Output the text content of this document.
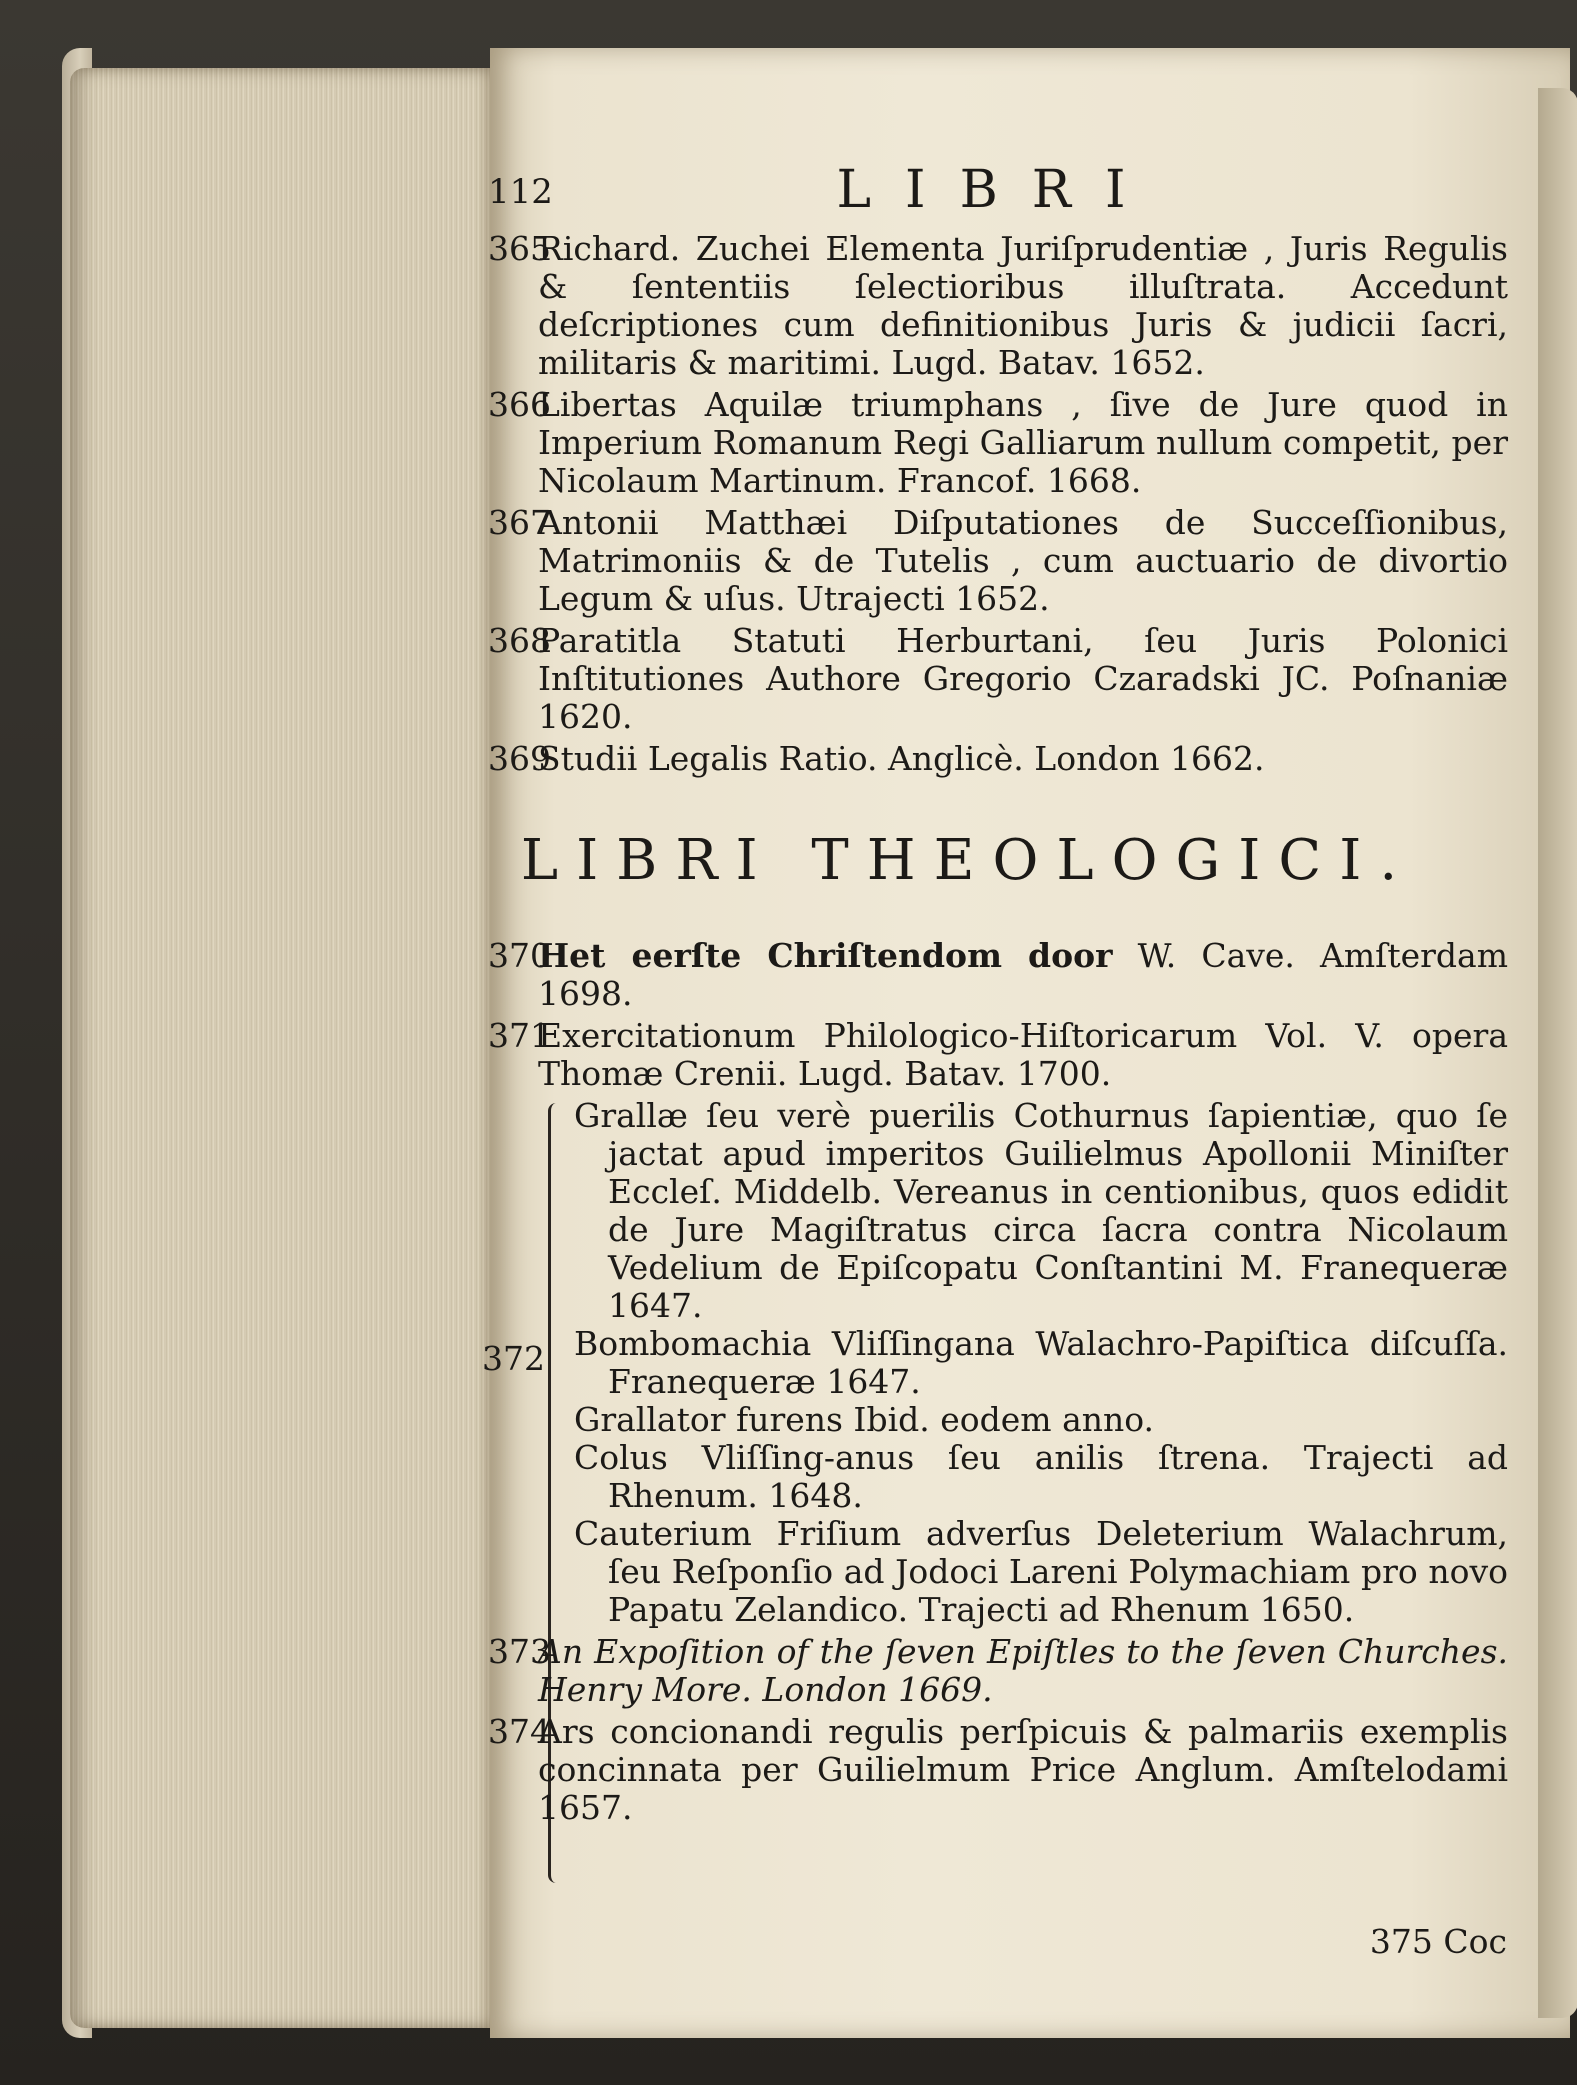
112	LIBRI
365Richard. Zuchei Elementa Juriſprudentiæ , Juris Regulis & ſententiis ſelectioribus illuſtrata. Accedunt deſcriptiones cum definitionibus Juris & judicii ſacri, militaris & maritimi. Lugd. Batav. 1652.
366Libertas Aquilæ triumphans , ſive de Jure quod in Imperium Romanum Regi Galliarum nullum competit, per Nicolaum Martinum. Francof. 1668.
367Antonii Matthæi Diſputationes de Succeſſionibus, Matrimoniis & de Tutelis , cum auctuario de divortio Legum & uſus. Utrajecti 1652.
368Paratitla Statuti Herburtani, ſeu Juris Polonici Inſtitutiones Authore Gregorio Czaradski JC. Poſnaniæ 1620.
369Studii Legalis Ratio. Anglicè. London 1662.
LIBRI THEOLOGICI.
370Het eerſte Chriſtendom door W. Cave. Amſterdam 1698.
371Exercitationum Philologico-Hiſtoricarum Vol. V. opera Thomæ Crenii. Lugd. Batav. 1700.
372
Grallæ ſeu verè puerilis Cothurnus ſapientiæ, quo ſe jactat apud imperitos Guilielmus Apollonii Miniſter Eccleſ. Middelb. Vereanus in centionibus, quos edidit de Jure Magiſtratus circa ſacra contra Nicolaum Vedelium de Epiſcopatu Conſtantini M. Franequeræ 1647.
Bombomachia Vliſſingana Walachro-Papiſtica diſcuſſa. Franequeræ 1647.
Grallator furens Ibid. eodem anno.
Colus Vliſſing-anus ſeu anilis ſtrena. Trajecti ad Rhenum. 1648.
Cauterium Friſium adverſus Deleterium Walachrum, ſeu Reſponſio ad Jodoci Lareni Polymachiam pro novo Papatu Zelandico. Trajecti ad Rhenum 1650.
373An Expoſition of the ſeven Epiſtles to the ſeven Churches. Henry More. London 1669.
374Ars concionandi regulis perſpicuis & palmariis exemplis concinnata per Guilielmum Price Anglum. Amſtelodami 1657.
375 Coc
